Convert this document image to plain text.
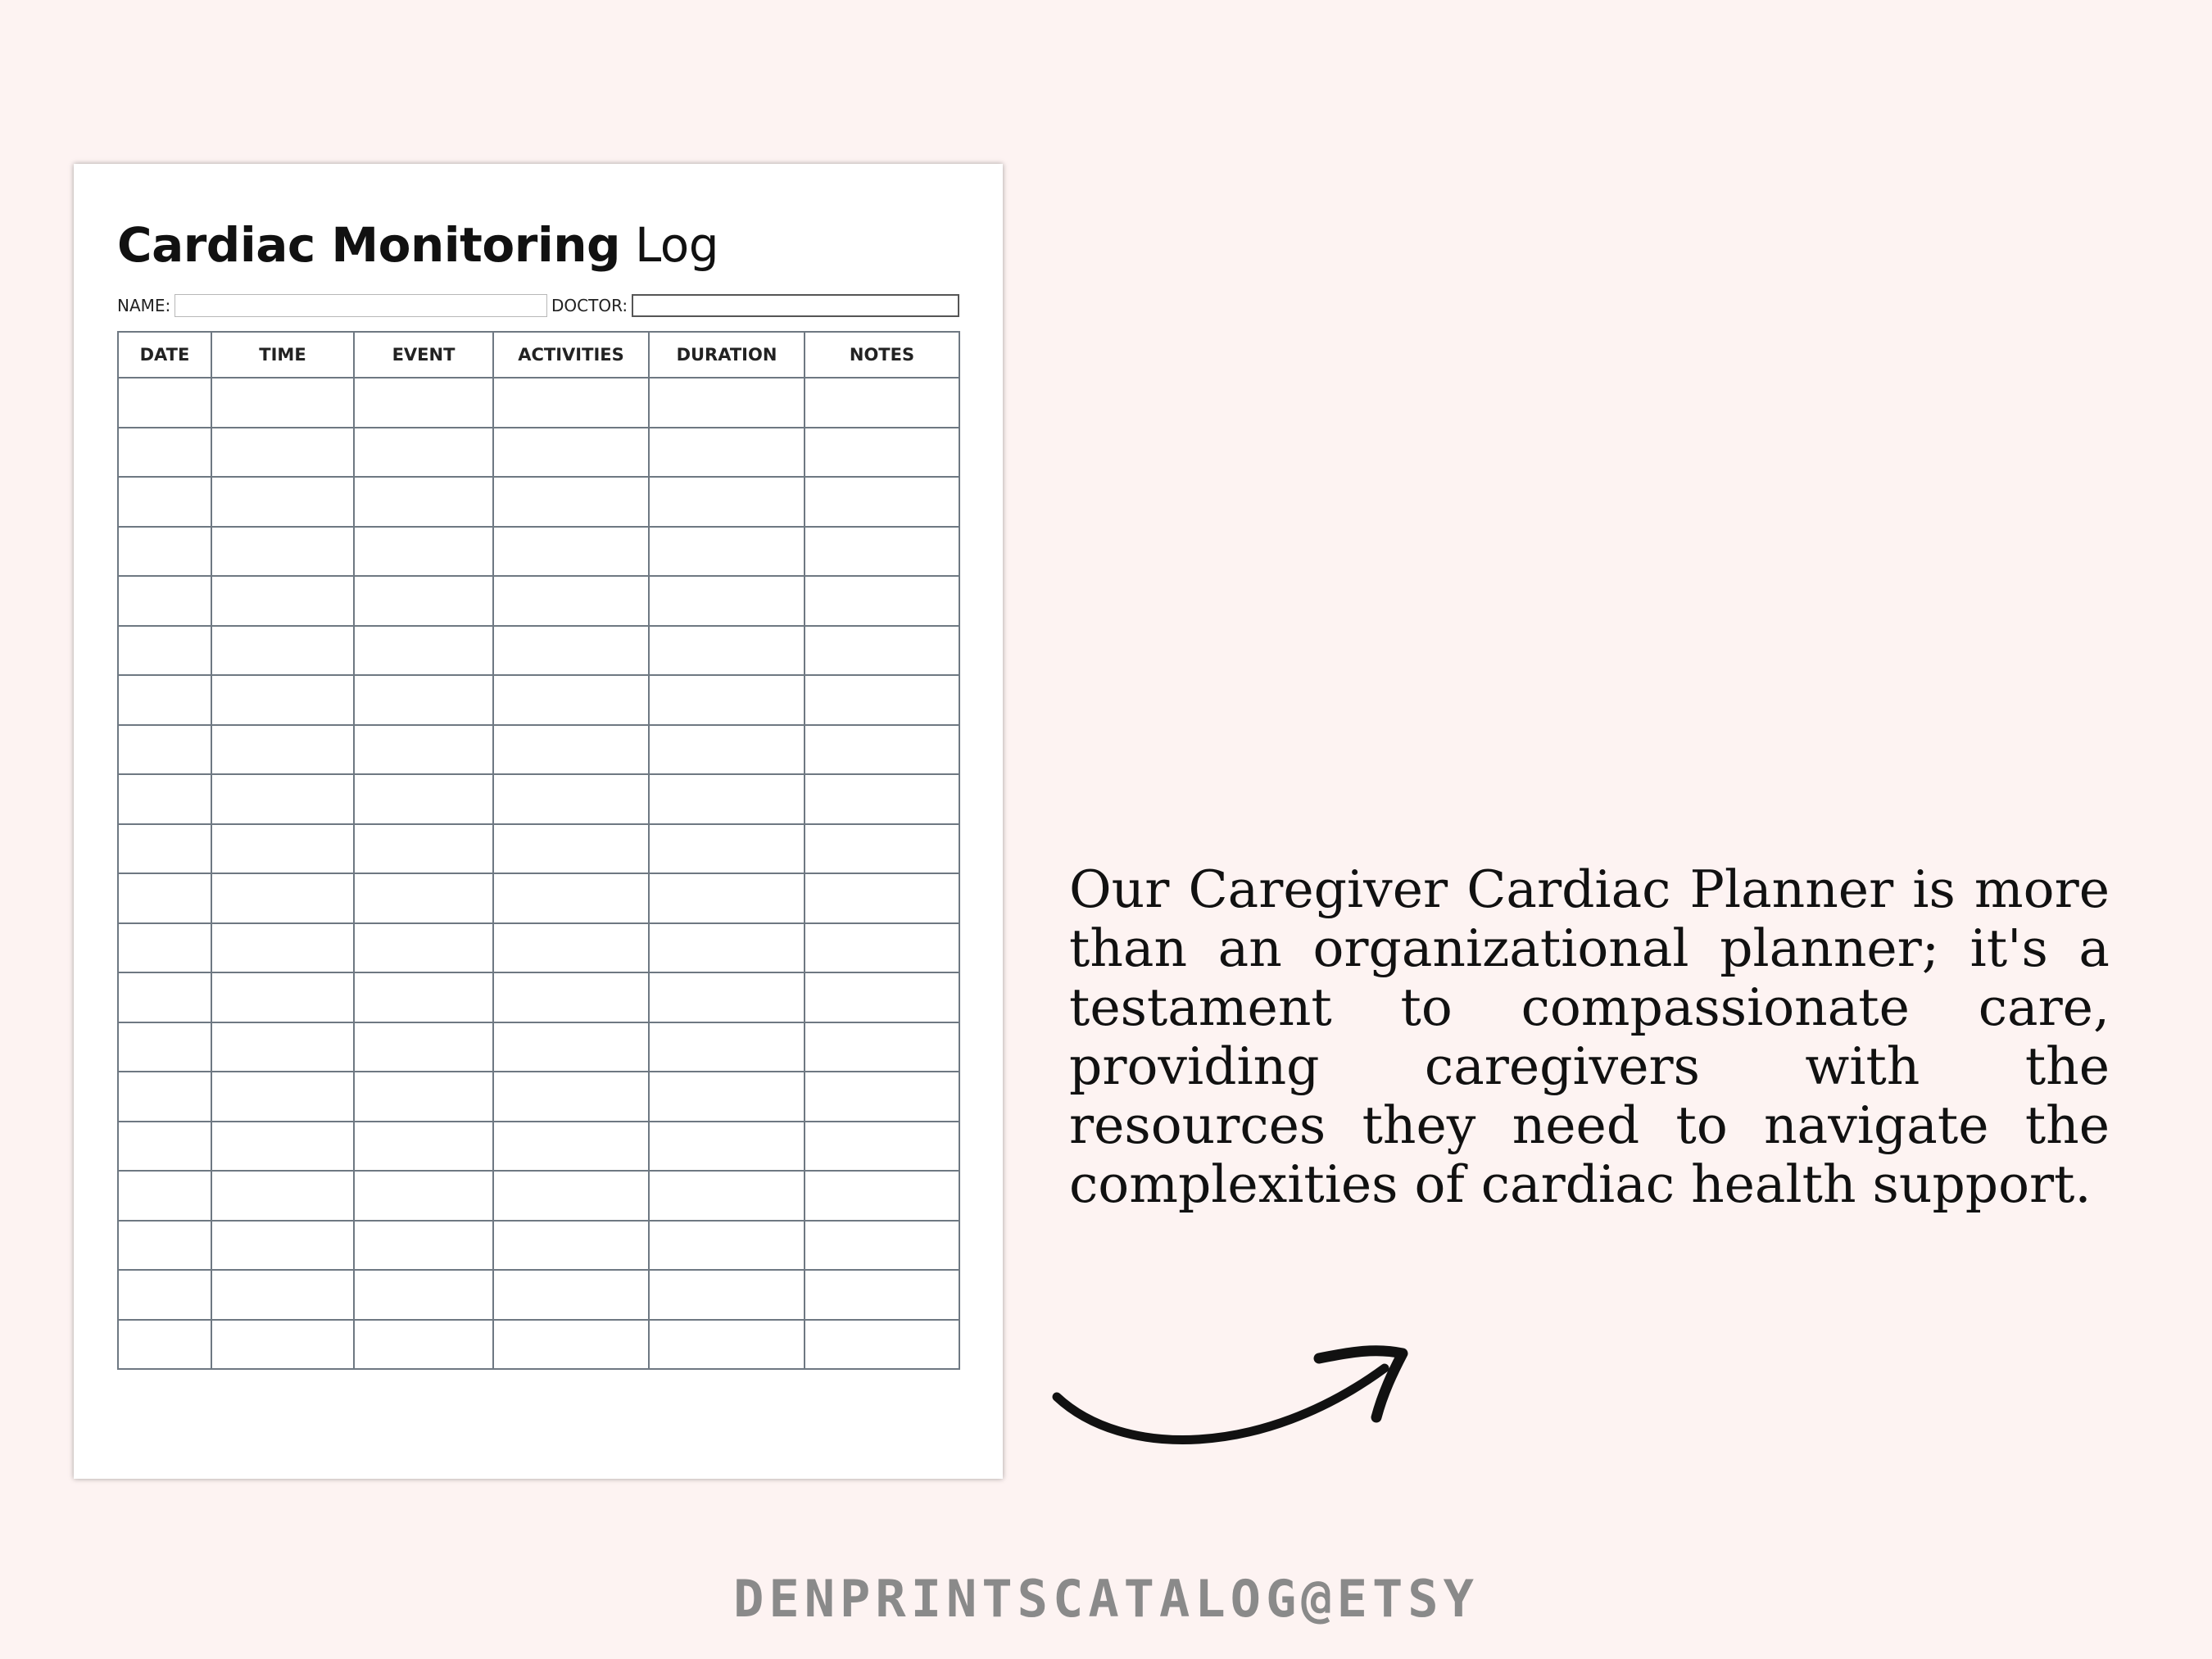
Cardiac Monitoring Log
NAME:	DOCTOR:
DATE	TIME	EVENT	ACTIVITIES	DURATION	NOTES

Our Caregiver Cardiac Planner is more than an organizational planner; it's a testament to compassionate care, providing caregivers with the resources they need to navigate the complexities of cardiac health support.
DENPRINTSCATALOG@ETSY
